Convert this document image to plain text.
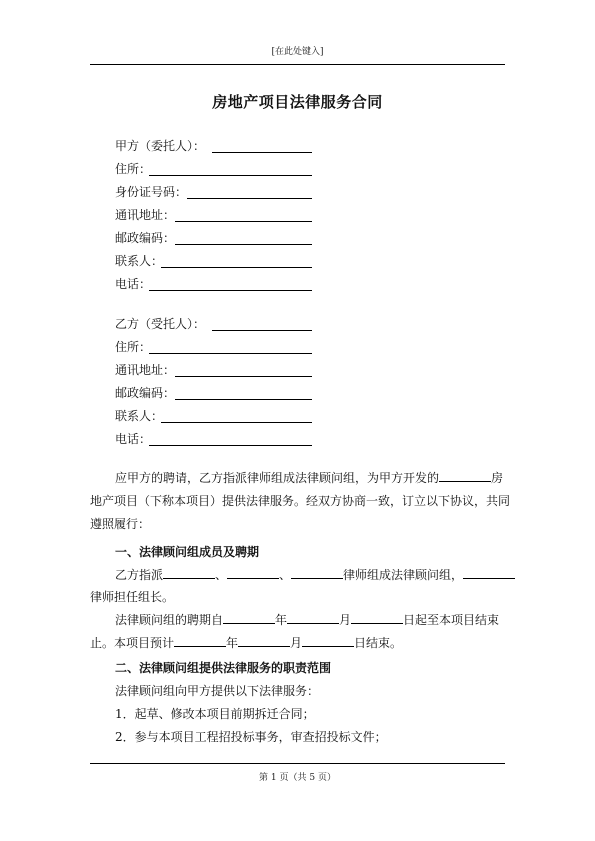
[在此处键入]
房地产项目法律服务合同
甲方（委托人）：
住所：
身份证号码：
通讯地址：
邮政编码：
联系人：
电话：
乙方（受托人）：
住所：
通讯地址：
邮政编码：
联系人：
电话：
应甲方的聘请，乙方指派律师组成法律顾问组，为甲方开发的	房
地产项目（下称本项目）提供法律服务。经双方协商一致，订立以下协议，共同
遵照履行：
一、法律顾问组成员及聘期
乙方指派	、	、	律师组成法律顾问组，
律师担任组长。
法律顾问组的聘期自	年	月	日起至本项目结束
止。本项目预计	年	月	日结束。
二、法律顾问组提供法律服务的职责范围
法律顾问组向甲方提供以下法律服务：
1．起草、修改本项目前期拆迁合同；
2．参与本项目工程招投标事务，审查招投标文件；
第 1 页（共 5 页）
